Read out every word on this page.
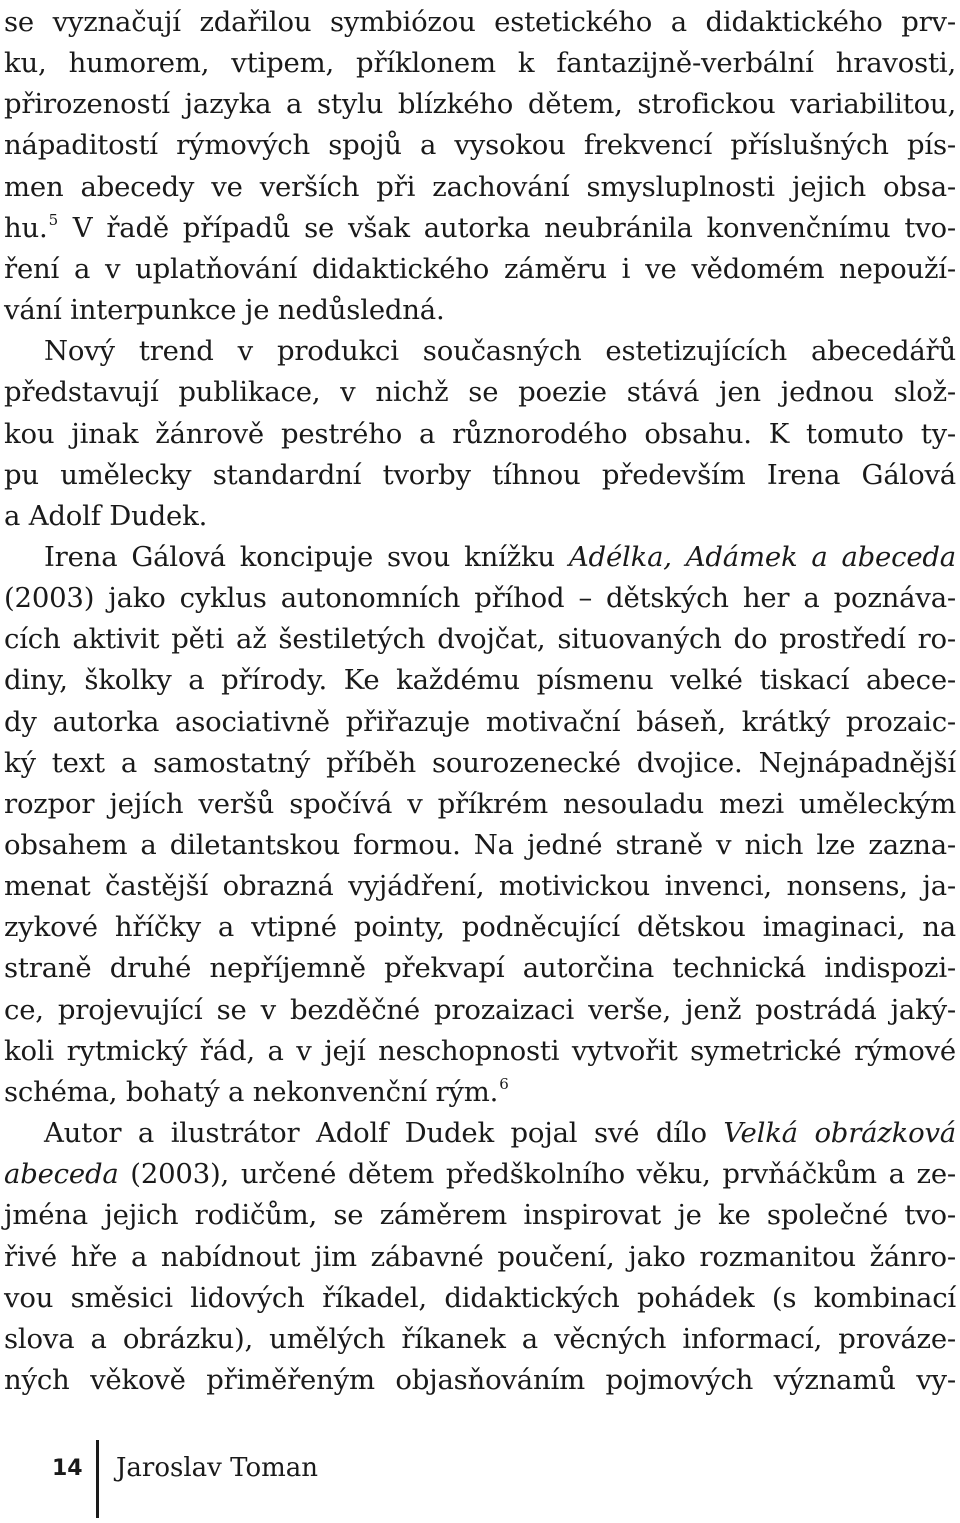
se vyznačují zdařilou symbiózou estetického a didaktického prv-
ku, humorem, vtipem, příklonem k fantazijně-verbální hravosti,
přirozeností jazyka a stylu blízkého dětem, strofickou variabilitou,
nápaditostí rýmových spojů a vysokou frekvencí příslušných pís-
men abecedy ve verších při zachování smysluplnosti jejich obsa-
hu.$^5$ V řadě případů se však autorka neubránila konvenčnímu tvo-
ření a v uplatňování didaktického záměru i ve vědomém nepouží-
vání interpunkce je nedůsledná.
Nový trend v produkci současných estetizujících abecedářů
představují publikace, v nichž se poezie stává jen jednou slož-
kou jinak žánrově pestrého a různorodého obsahu. K tomuto ty-
pu umělecky standardní tvorby tíhnou především Irena Gálová
a Adolf Dudek.
Irena Gálová koncipuje svou knížku Adélka, Adámek a abeceda
(2003) jako cyklus autonomních příhod – dětských her a poznáva-
cích aktivit pěti až šestiletých dvojčat, situovaných do prostředí ro-
diny, školky a přírody. Ke každému písmenu velké tiskací abece-
dy autorka asociativně přiřazuje motivační báseň, krátký prozaic-
ký text a samostatný příběh sourozenecké dvojice. Nejnápadnější
rozpor jejích veršů spočívá v příkrém nesouladu mezi uměleckým
obsahem a diletantskou formou. Na jedné straně v nich lze zazna-
menat častější obrazná vyjádření, motivickou invenci, nonsens, ja-
zykové hříčky a vtipné pointy, podněcující dětskou imaginaci, na
straně druhé nepříjemně překvapí autorčina technická indispozi-
ce, projevující se v bezděčné prozaizaci verše, jenž postrádá jaký-
koli rytmický řád, a v její neschopnosti vytvořit symetrické rýmové
schéma, bohatý a nekonvenční rým.$^6$
Autor a ilustrátor Adolf Dudek pojal své dílo Velká obrázková
abeceda (2003), určené dětem předškolního věku, prvňáčkům a ze-
jména jejich rodičům, se záměrem inspirovat je ke společné tvo-
řivé hře a nabídnout jim zábavné poučení, jako rozmanitou žánro-
vou směsici lidových říkadel, didaktických pohádek (s kombinací
slova a obrázku), umělých říkanek a věcných informací, prováze-
ných věkově přiměřeným objasňováním pojmových významů vy-
14 Jaroslav Toman
